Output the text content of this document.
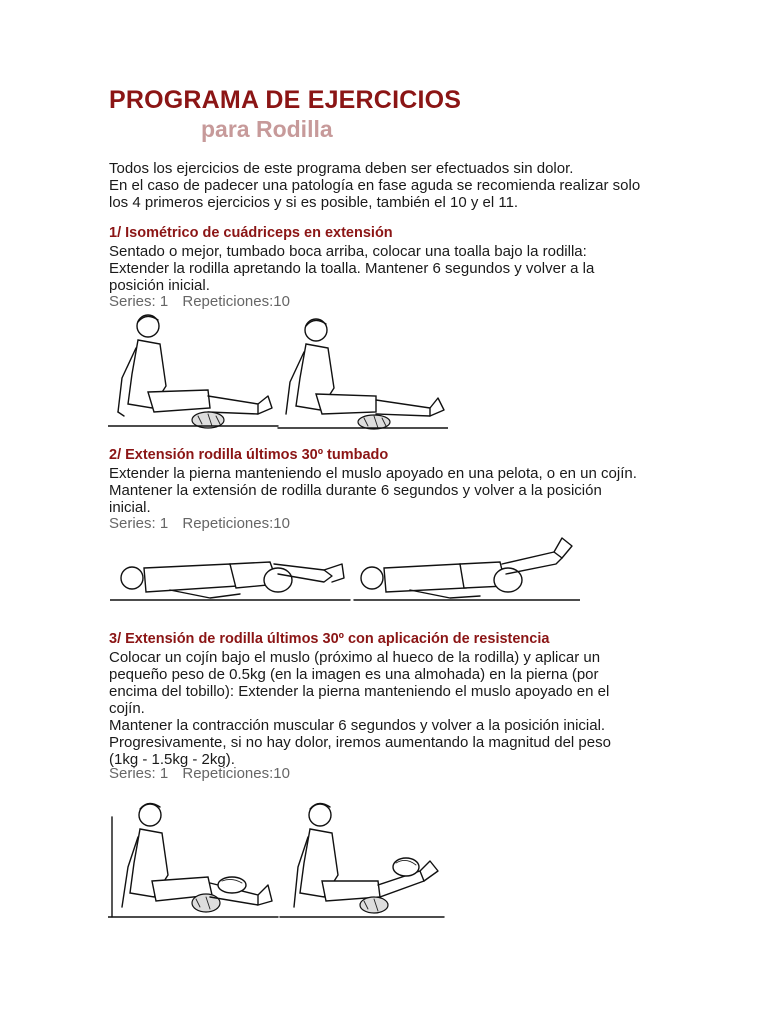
PROGRAMA DE EJERCICIOS
para Rodilla
Todos los ejercicios de este programa deben ser efectuados sin dolor.
En el caso de padecer una patología en fase aguda se recomienda realizar solo
los 4 primeros ejercicios y si es posible, también el 10 y el 11.
1/ Isométrico de cuádriceps en extensión
Sentado o mejor, tumbado boca arriba, colocar una toalla bajo la rodilla:
Extender la rodilla apretando la toalla. Mantener 6 segundos y volver a la
posición inicial.
Series: 1 Repeticiones:10
2/ Extensión rodilla últimos 30º tumbado
Extender la pierna manteniendo el muslo apoyado en una pelota, o en un cojín.
Mantener la extensión de rodilla durante 6 segundos y volver a la posición
inicial.
Series: 1 Repeticiones:10
3/ Extensión de rodilla últimos 30º con aplicación de resistencia
Colocar un cojín bajo el muslo (próximo al hueco de la rodilla) y aplicar un
pequeño peso de 0.5kg (en la imagen es una almohada) en la pierna (por
encima del tobillo): Extender la pierna manteniendo el muslo apoyado en el
cojín.
Mantener la contracción muscular 6 segundos y volver a la posición inicial.
Progresivamente, si no hay dolor, iremos aumentando la magnitud del peso
(1kg - 1.5kg - 2kg).
Series: 1 Repeticiones:10
